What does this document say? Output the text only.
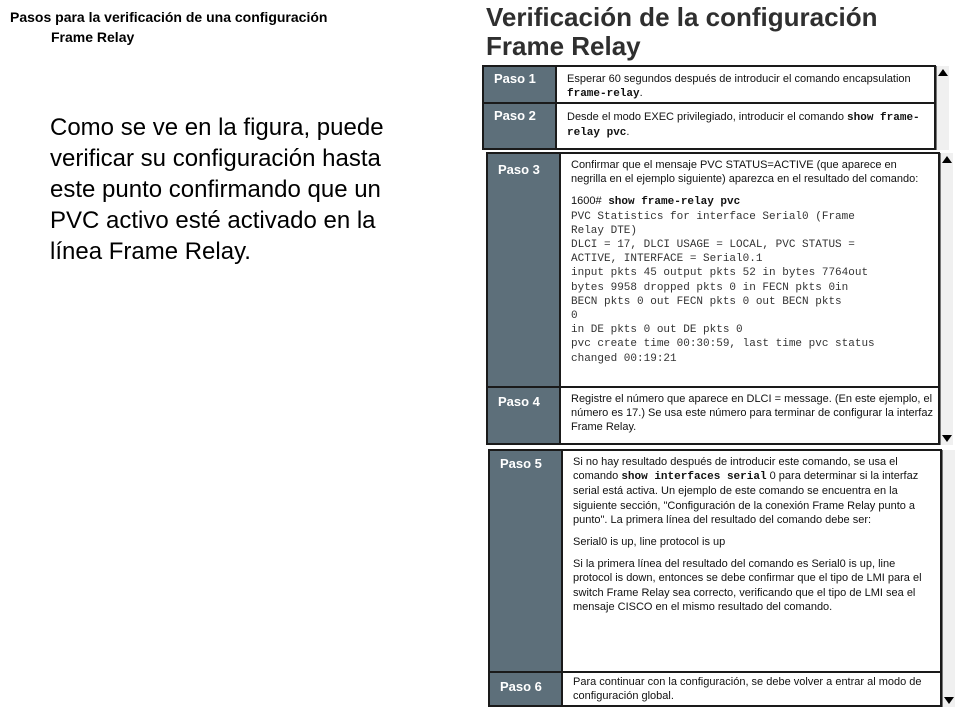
Pasos para la verificación de una configuración
Frame Relay
Como se ve en la figura, puede verificar su configuración hasta este punto confirmando que un PVC activo esté activado en la línea Frame Relay.
Verificación de la configuración
Frame Relay
Paso 1	Esperar 60 segundos después de introducir el comando encapsulation frame-relay.
Paso 2	Desde el modo EXEC privilegiado, introducir el comando show frame-relay pvc.
Paso 3	Confirmar que el mensaje PVC STATUS=ACTIVE (que aparece en negrilla en el ejemplo siguiente) aparezca en el resultado del comando:

1600# show frame-relay pvc
PVC Statistics for interface Serial0 (Frame
Relay DTE)
DLCI = 17, DLCI USAGE = LOCAL, PVC STATUS =
ACTIVE, INTERFACE = Serial0.1
input pkts 45 output pkts 52 in bytes 7764out
bytes 9958 dropped pkts 0 in FECN pkts 0in
BECN pkts 0 out FECN pkts 0 out BECN pkts
0
in DE pkts 0 out DE pkts 0
pvc create time 00:30:59, last time pvc status
changed 00:19:21
Paso 4	Registre el número que aparece en DLCI = message. (En este ejemplo, el número es 17.) Se usa este número para terminar de configurar la interfaz Frame Relay.
Paso 5	Si no hay resultado después de introducir este comando, se usa el comando show interfaces serial 0 para determinar si la interfaz serial está activa. Un ejemplo de este comando se encuentra en la siguiente sección, "Configuración de la conexión Frame Relay punto a punto". La primera línea del resultado del comando debe ser:

Serial0 is up, line protocol is up

Si la primera línea del resultado del comando es Serial0 is up, line protocol is down, entonces se debe confirmar que el tipo de LMI para el switch Frame Relay sea correcto, verificando que el tipo de LMI sea el mensaje CISCO en el mismo resultado del comando.

Paso 6	Para continuar con la configuración, se debe volver a entrar al modo de configuración global.
